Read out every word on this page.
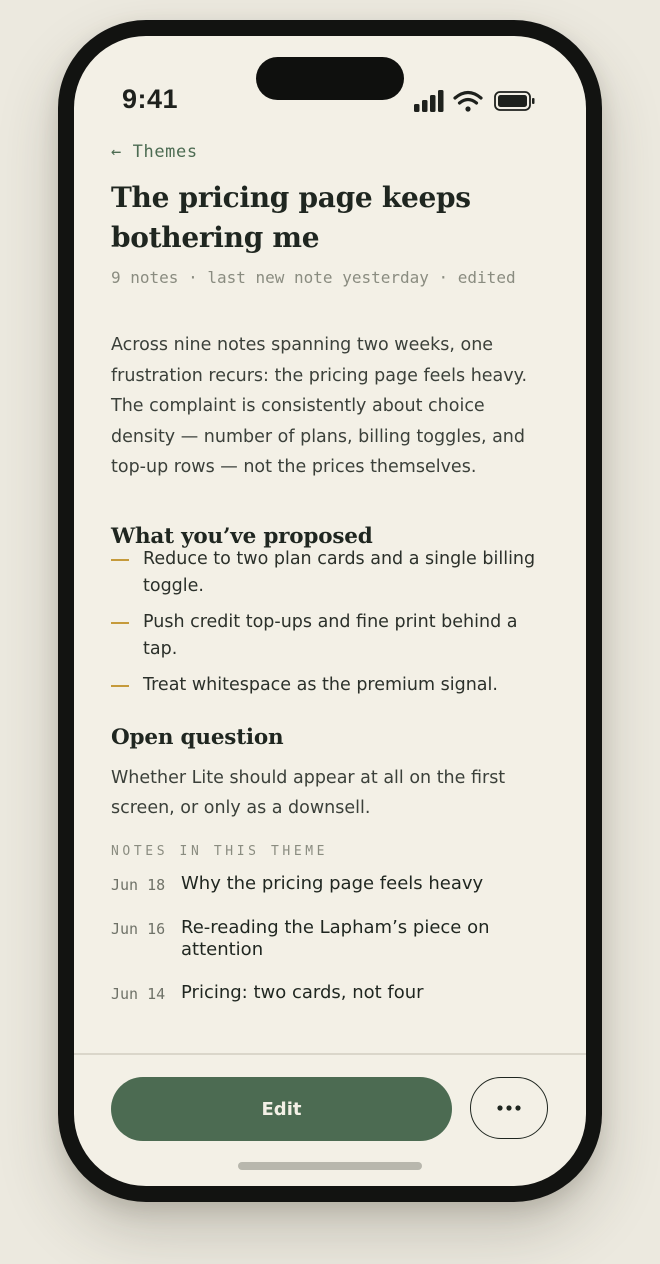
9:41
← Themes
The pricing page keeps bothering me
9 notes · last new note yesterday · edited

Across nine notes spanning two weeks, one frustration recurs: the pricing page feels heavy. The complaint is consistently about choice density — number of plans, billing toggles, and top-up rows — not the prices themselves.

What you’ve proposed
Reduce to two plan cards and a single billing toggle.
Push credit top-ups and fine print behind a tap.
Treat whitespace as the premium signal.
Open question

Whether Lite should appear at all on the first screen, or only as a downsell.

NOTES IN THIS THEME
Jun 18 Why the pricing page feels heavy
Jun 16 Re-reading the Lapham’s piece on attention
Jun 14 Pricing: two cards, not four
Edit
